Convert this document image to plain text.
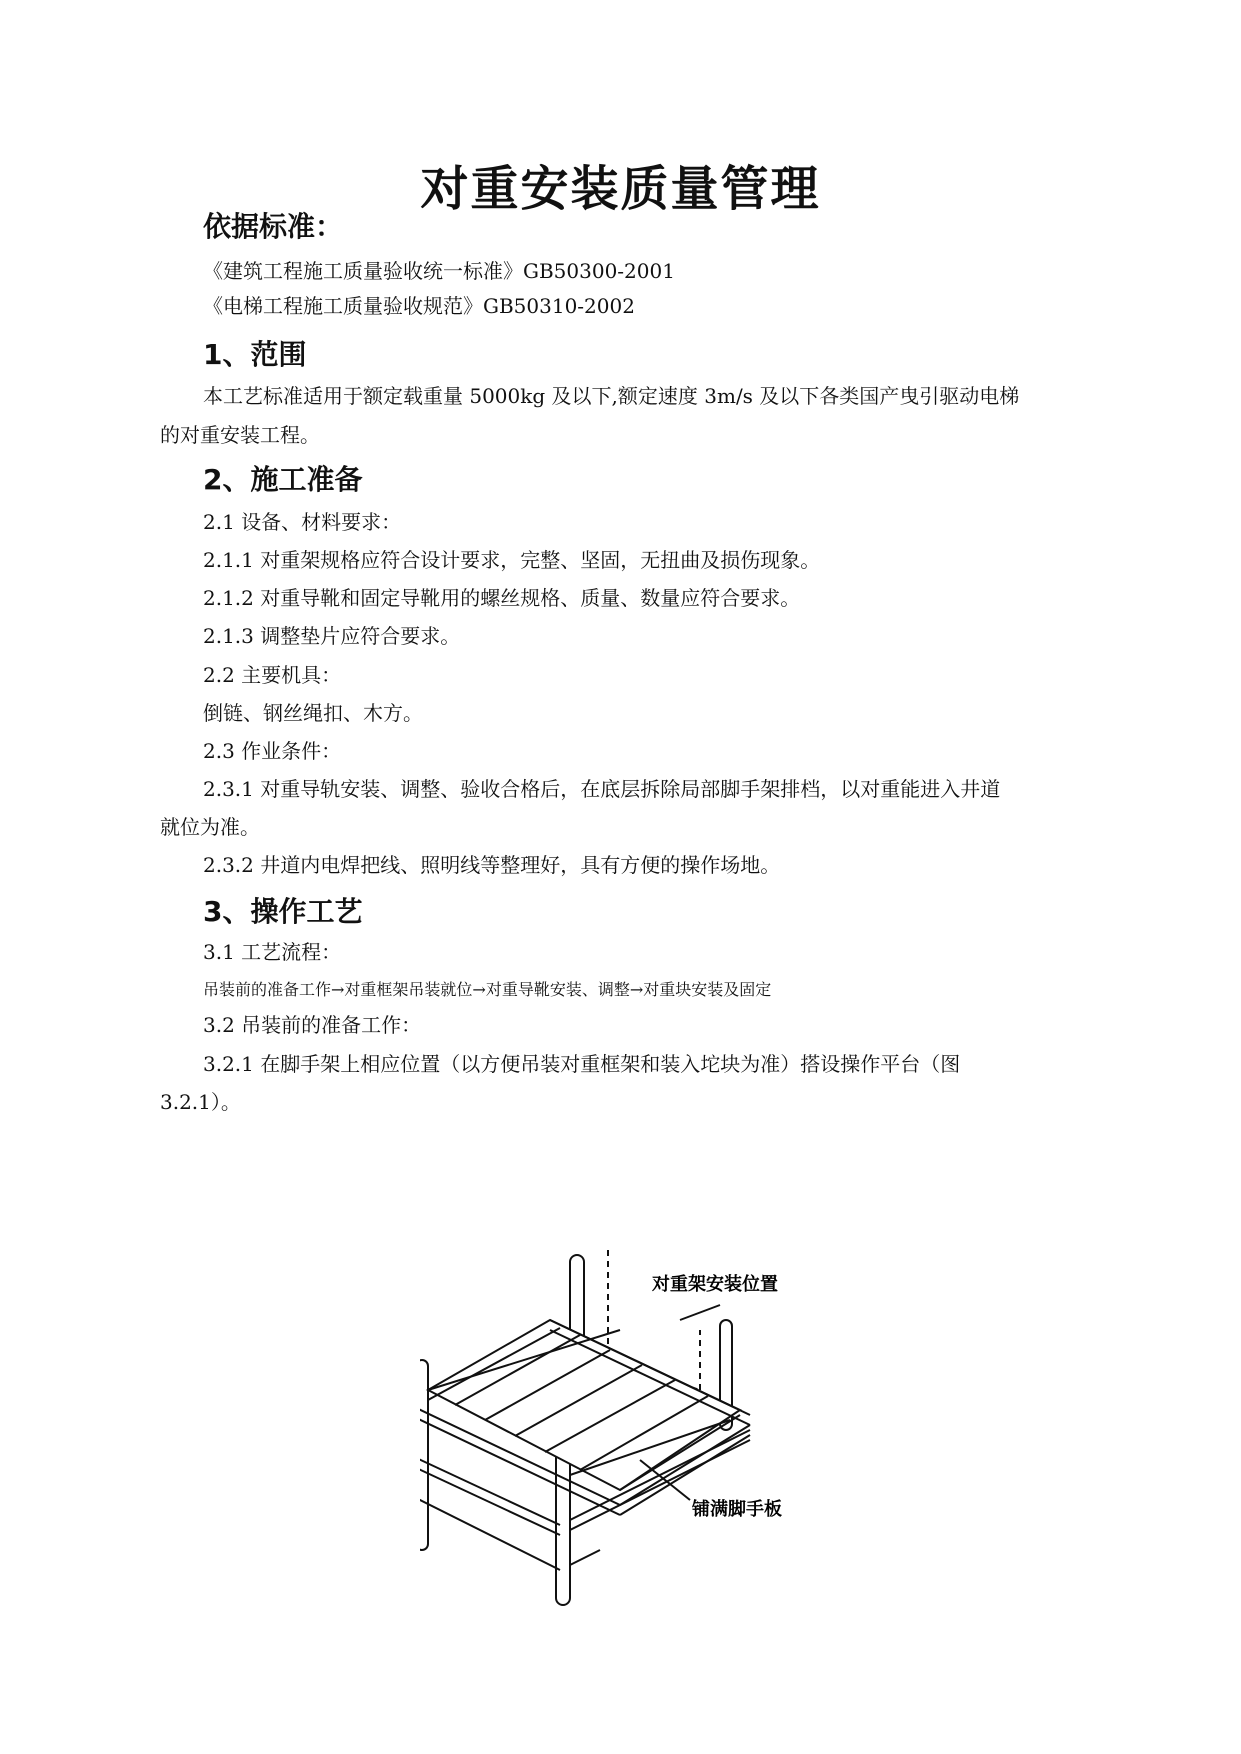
对重安装质量管理
依据标准：
《建筑工程施工质量验收统一标准》GB50300-2001
《电梯工程施工质量验收规范》GB50310-2002
1、范围
本工艺标准适用于额定载重量 5000kg 及以下,额定速度 3m/s 及以下各类国产曳引驱动电梯
的对重安装工程。
2、施工准备
2.1 设备、材料要求：
2.1.1 对重架规格应符合设计要求，完整、坚固，无扭曲及损伤现象。
2.1.2 对重导靴和固定导靴用的螺丝规格、质量、数量应符合要求。
2.1.3 调整垫片应符合要求。
2.2 主要机具：
倒链、钢丝绳扣、木方。
2.3 作业条件：
2.3.1 对重导轨安装、调整、验收合格后，在底层拆除局部脚手架排档，以对重能进入井道
就位为准。
2.3.2 井道内电焊把线、照明线等整理好，具有方便的操作场地。
3、操作工艺
3.1 工艺流程：
吊装前的准备工作→对重框架吊装就位→对重导靴安装、调整→对重块安装及固定
3.2 吊装前的准备工作：
3.2.1 在脚手架上相应位置（以方便吊装对重框架和装入坨块为准）搭设操作平台（图
3.2.1）。
对重架安装位置
铺满脚手板
